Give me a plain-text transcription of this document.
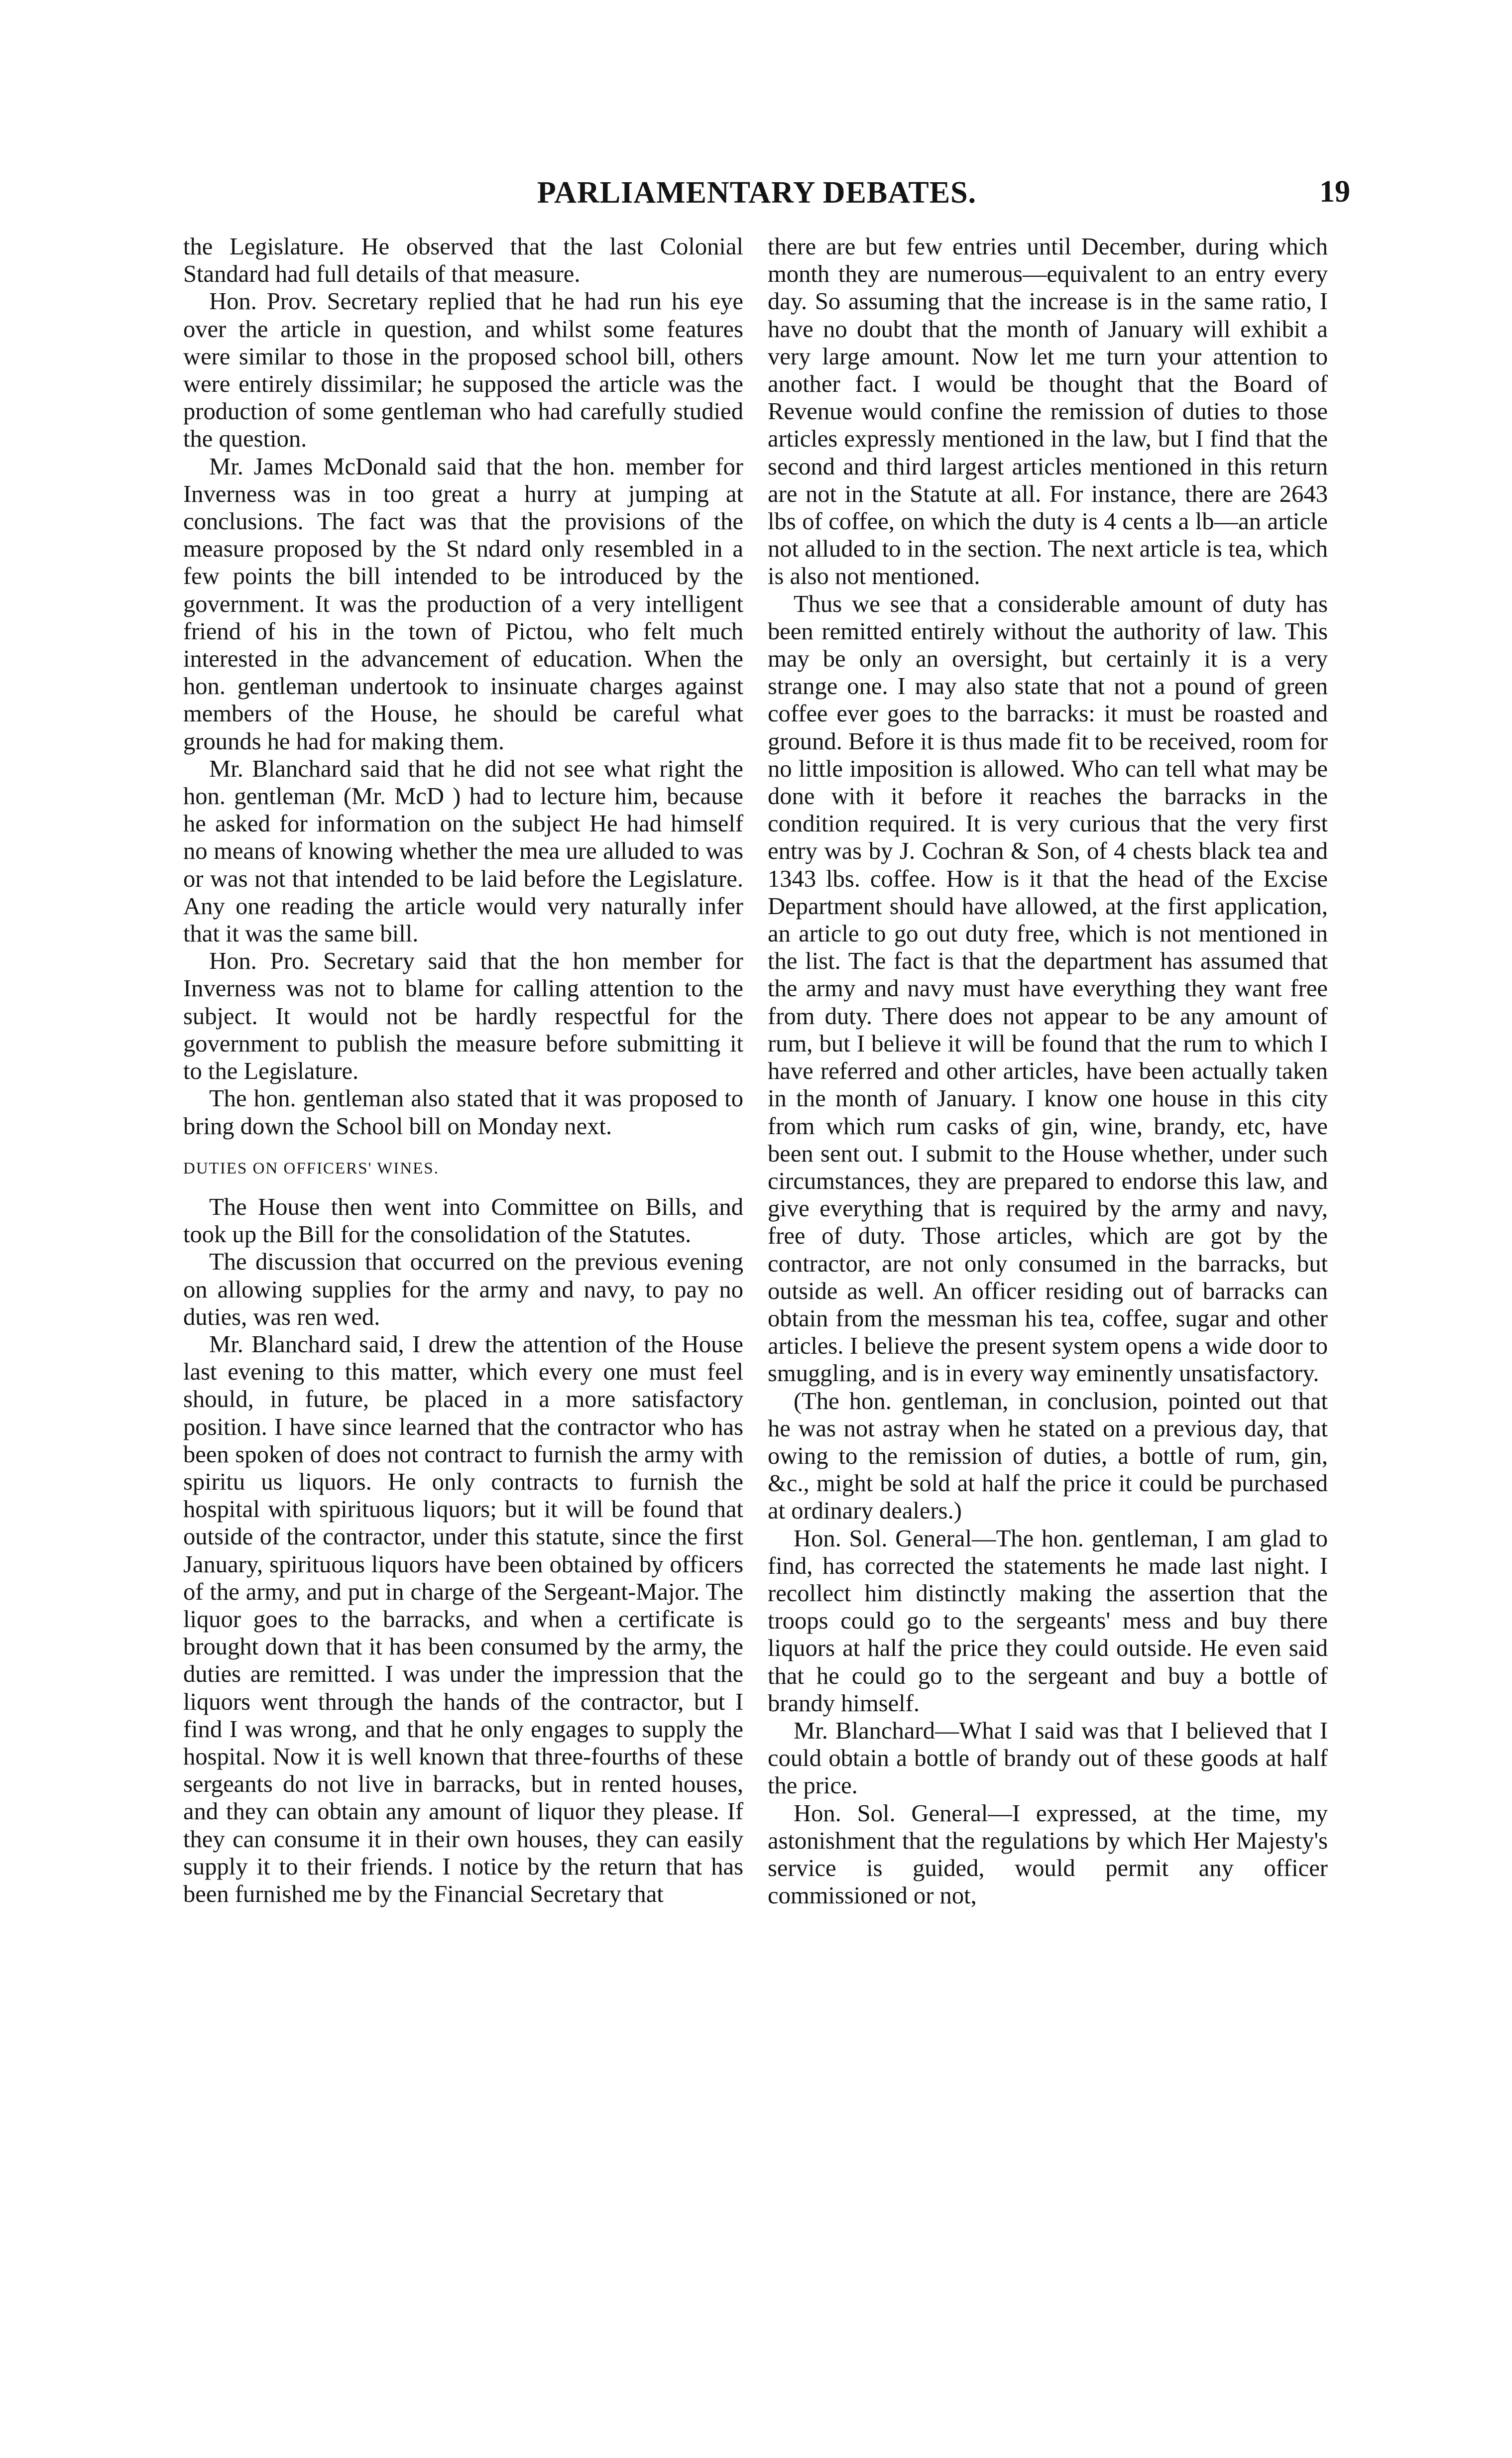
PARLIAMENTARY DEBATES.	19

the Legislature. He observed that the last Colonial Standard had full details of that measure.

Hon. Prov. Secretary replied that he had run his eye over the article in question, and whilst some features were similar to those in the proposed school bill, others were entirely dissimilar; he supposed the article was the production of some gentleman who had carefully studied the question.

Mr. James McDonald said that the hon. member for Inverness was in too great a hurry at jumping at conclusions. The fact was that the provisions of the measure proposed by the St ndard only resembled in a few points the bill intended to be introduced by the government. It was the production of a very intelligent friend of his in the town of Pictou, who felt much interested in the advancement of education. When the hon. gentleman undertook to insinuate charges against members of the House, he should be careful what grounds he had for making them.

Mr. Blanchard said that he did not see what right the hon. gentleman (Mr. McD ) had to lecture him, because he asked for information on the subject He had himself no means of knowing whether the mea ure alluded to was or was not that intended to be laid before the Legislature. Any one reading the article would very naturally infer that it was the same bill.

Hon. Pro. Secretary said that the hon member for Inverness was not to blame for calling attention to the subject. It would not be hardly respectful for the government to publish the measure before submitting it to the Legislature.

The hon. gentleman also stated that it was proposed to bring down the School bill on Monday next.

DUTIES ON OFFICERS' WINES.

The House then went into Committee on Bills, and took up the Bill for the consolidation of the Statutes.

The discussion that occurred on the previous evening on allowing supplies for the army and navy, to pay no duties, was ren wed.

Mr. Blanchard said, I drew the attention of the House last evening to this matter, which every one must feel should, in future, be placed in a more satisfactory position. I have since learned that the contractor who has been spoken of does not contract to furnish the army with spiritu us liquors. He only contracts to furnish the hospital with spirituous liquors; but it will be found that outside of the contractor, under this statute, since the first January, spirituous liquors have been obtained by officers of the army, and put in charge of the Sergeant-Major. The liquor goes to the barracks, and when a certificate is brought down that it has been consumed by the army, the duties are remitted. I was under the impression that the liquors went through the hands of the contractor, but I find I was wrong, and that he only engages to supply the hospital. Now it is well known that three-fourths of these sergeants do not live in barracks, but in rented houses, and they can obtain any amount of liquor they please. If they can consume it in their own houses, they can easily supply it to their friends. I notice by the return that has been furnished me by the Financial Secretary that

there are but few entries until December, during which month they are numerous—equivalent to an entry every day. So assuming that the increase is in the same ratio, I have no doubt that the month of January will exhibit a very large amount. Now let me turn your attention to another fact. I would be thought that the Board of Revenue would confine the remission of duties to those articles expressly mentioned in the law, but I find that the second and third largest articles mentioned in this return are not in the Statute at all. For instance, there are 2643 lbs of coffee, on which the duty is 4 cents a lb—an article not alluded to in the section. The next article is tea, which is also not mentioned.

Thus we see that a considerable amount of duty has been remitted entirely without the authority of law. This may be only an oversight, but certainly it is a very strange one. I may also state that not a pound of green coffee ever goes to the barracks: it must be roasted and ground. Before it is thus made fit to be received, room for no little imposition is allowed. Who can tell what may be done with it before it reaches the barracks in the condition required. It is very curious that the very first entry was by J. Cochran & Son, of 4 chests black tea and 1343 lbs. coffee. How is it that the head of the Excise Department should have allowed, at the first application, an article to go out duty free, which is not mentioned in the list. The fact is that the department has assumed that the army and navy must have everything they want free from duty. There does not appear to be any amount of rum, but I believe it will be found that the rum to which I have referred and other articles, have been actually taken in the month of January. I know one house in this city from which rum casks of gin, wine, brandy, etc, have been sent out. I submit to the House whether, under such circumstances, they are prepared to endorse this law, and give everything that is required by the army and navy, free of duty. Those articles, which are got by the contractor, are not only consumed in the barracks, but outside as well. An officer residing out of barracks can obtain from the messman his tea, coffee, sugar and other articles. I believe the present system opens a wide door to smuggling, and is in every way eminently unsatisfactory.

(The hon. gentleman, in conclusion, pointed out that he was not astray when he stated on a previous day, that owing to the remission of duties, a bottle of rum, gin, &c., might be sold at half the price it could be purchased at ordinary dealers.)

Hon. Sol. General—The hon. gentleman, I am glad to find, has corrected the statements he made last night. I recollect him distinctly making the assertion that the troops could go to the sergeants' mess and buy there liquors at half the price they could outside. He even said that he could go to the sergeant and buy a bottle of brandy himself.

Mr. Blanchard—What I said was that I believed that I could obtain a bottle of brandy out of these goods at half the price.

Hon. Sol. General—I expressed, at the time, my astonishment that the regulations by which Her Majesty's service is guided, would permit any officer commissioned or not,
